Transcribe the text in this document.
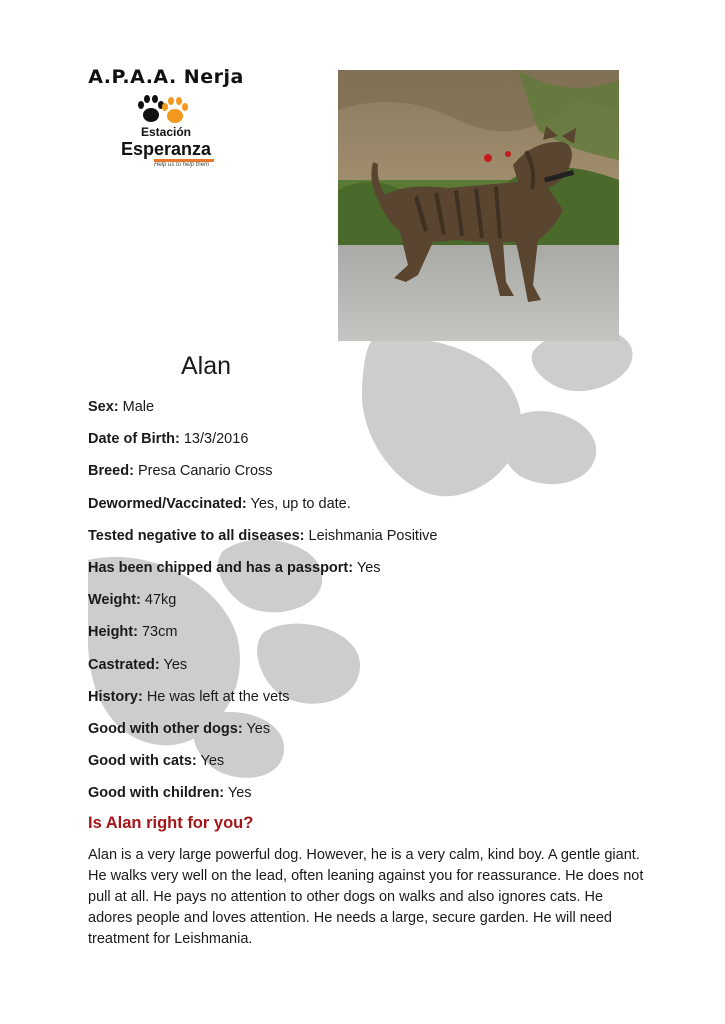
A.P.A.A. Nerja
Estación
Esperanza
Help us to help them
Alan
Sex: Male
Date of Birth: 13/3/2016
Breed: Presa Canario Cross
Dewormed/Vaccinated: Yes, up to date.
Tested negative to all diseases: Leishmania Positive
Has been chipped and has a passport: Yes
Weight: 47kg
Height: 73cm
Castrated: Yes
History: He was left at the vets
Good with other dogs: Yes
Good with cats: Yes
Good with children: Yes
Is Alan right for you?
Alan is a very large powerful dog. However, he is a very calm, kind boy. A gentle giant. He walks very well on the lead, often leaning against you for reassurance. He does not pull at all. He pays no attention to other dogs on walks and also ignores cats. He adores people and loves attention. He needs a large, secure garden. He will need treatment for Leishmania.
